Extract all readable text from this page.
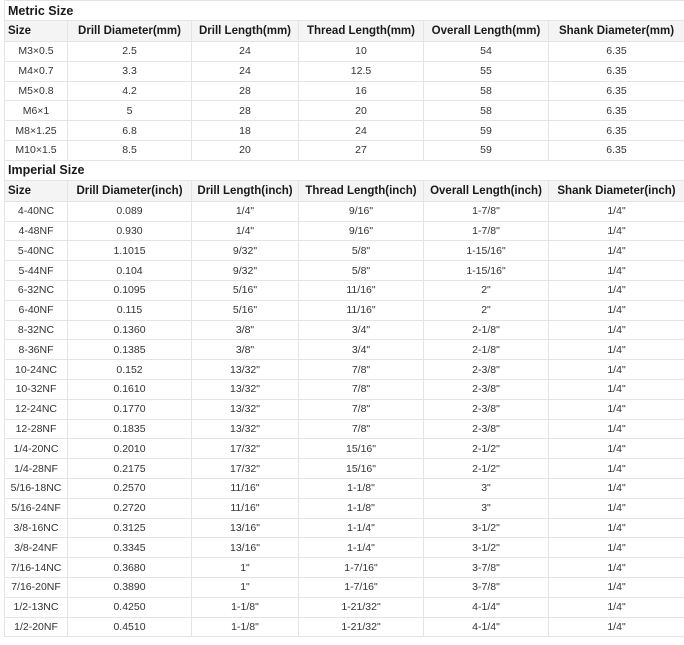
Metric Size					
Size	Drill Diameter(mm)	Drill Length(mm)	Thread Length(mm)	Overall Length(mm)	Shank Diameter(mm)
M3×0.5	2.5	24	10	54	6.35
M4×0.7	3.3	24	12.5	55	6.35
M5×0.8	4.2	28	16	58	6.35
M6×1	5	28	20	58	6.35
M8×1.25	6.8	18	24	59	6.35
M10×1.5	8.5	20	27	59	6.35
Imperial Size					
Size	Drill Diameter(inch)	Drill Length(inch)	Thread Length(inch)	Overall Length(inch)	Shank Diameter(inch)
4-40NC	0.089	1/4"	9/16"	1-7/8"	1/4"
4-48NF	0.930	1/4"	9/16"	1-7/8"	1/4"
5-40NC	1.1015	9/32"	5/8"	1-15/16"	1/4"
5-44NF	0.104	9/32"	5/8"	1-15/16"	1/4"
6-32NC	0.1095	5/16"	11/16"	2"	1/4"
6-40NF	0.115	5/16"	11/16"	2"	1/4"
8-32NC	0.1360	3/8"	3/4"	2-1/8"	1/4"
8-36NF	0.1385	3/8"	3/4"	2-1/8"	1/4"
10-24NC	0.152	13/32"	7/8"	2-3/8"	1/4"
10-32NF	0.1610	13/32"	7/8"	2-3/8"	1/4"
12-24NC	0.1770	13/32"	7/8"	2-3/8"	1/4"
12-28NF	0.1835	13/32"	7/8"	2-3/8"	1/4"
1/4-20NC	0.2010	17/32"	15/16"	2-1/2"	1/4"
1/4-28NF	0.2175	17/32"	15/16"	2-1/2"	1/4"
5/16-18NC	0.2570	11/16"	1-1/8"	3"	1/4"
5/16-24NF	0.2720	11/16"	1-1/8"	3"	1/4"
3/8-16NC	0.3125	13/16"	1-1/4"	3-1/2"	1/4"
3/8-24NF	0.3345	13/16"	1-1/4"	3-1/2"	1/4"
7/16-14NC	0.3680	1"	1-7/16"	3-7/8"	1/4"
7/16-20NF	0.3890	1"	1-7/16"	3-7/8"	1/4"
1/2-13NC	0.4250	1-1/8"	1-21/32"	4-1/4"	1/4"
1/2-20NF	0.4510	1-1/8"	1-21/32"	4-1/4"	1/4"
